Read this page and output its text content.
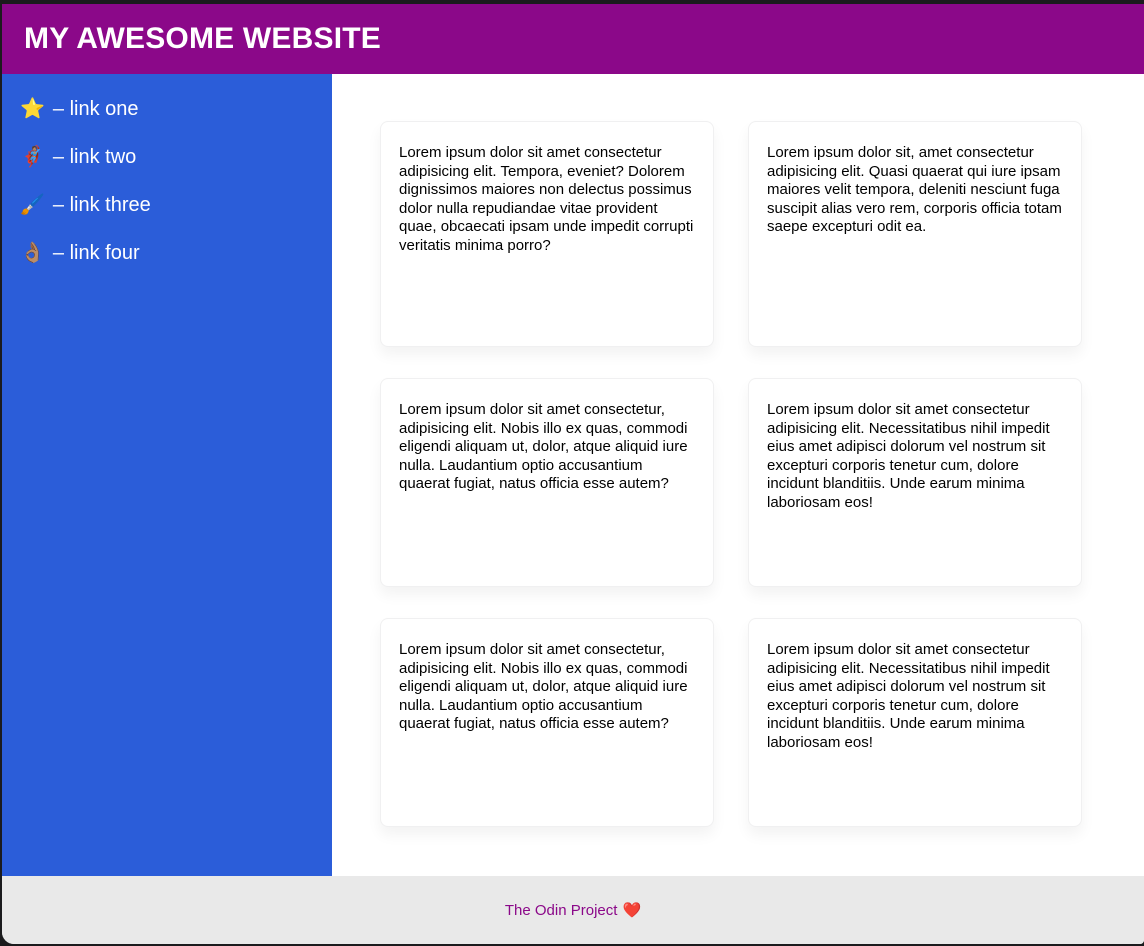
MY AWESOME WEBSITE
⭐ – link one
🦸🏽 – link two
🖌️ – link three
👌🏽 – link four

Lorem ipsum dolor sit amet consectetur adipisicing elit. Tempora, eveniet? Dolorem dignissimos maiores non delectus possimus dolor nulla repudiandae vitae provident quae, obcaecati ipsam unde impedit corrupti veritatis minima porro?

Lorem ipsum dolor sit, amet consectetur adipisicing elit. Quasi quaerat qui iure ipsam maiores velit tempora, deleniti nesciunt fuga suscipit alias vero rem, corporis officia totam saepe excepturi odit ea.

Lorem ipsum dolor sit amet consectetur, adipisicing elit. Nobis illo ex quas, commodi eligendi aliquam ut, dolor, atque aliquid iure nulla. Laudantium optio accusantium quaerat fugiat, natus officia esse autem?

Lorem ipsum dolor sit amet consectetur adipisicing elit. Necessitatibus nihil impedit eius amet adipisci dolorum vel nostrum sit excepturi corporis tenetur cum, dolore incidunt blanditiis. Unde earum minima laboriosam eos!

Lorem ipsum dolor sit amet consectetur, adipisicing elit. Nobis illo ex quas, commodi eligendi aliquam ut, dolor, atque aliquid iure nulla. Laudantium optio accusantium quaerat fugiat, natus officia esse autem?

Lorem ipsum dolor sit amet consectetur adipisicing elit. Necessitatibus nihil impedit eius amet adipisci dolorum vel nostrum sit excepturi corporis tenetur cum, dolore incidunt blanditiis. Unde earum minima laboriosam eos!

The Odin Project ❤️
